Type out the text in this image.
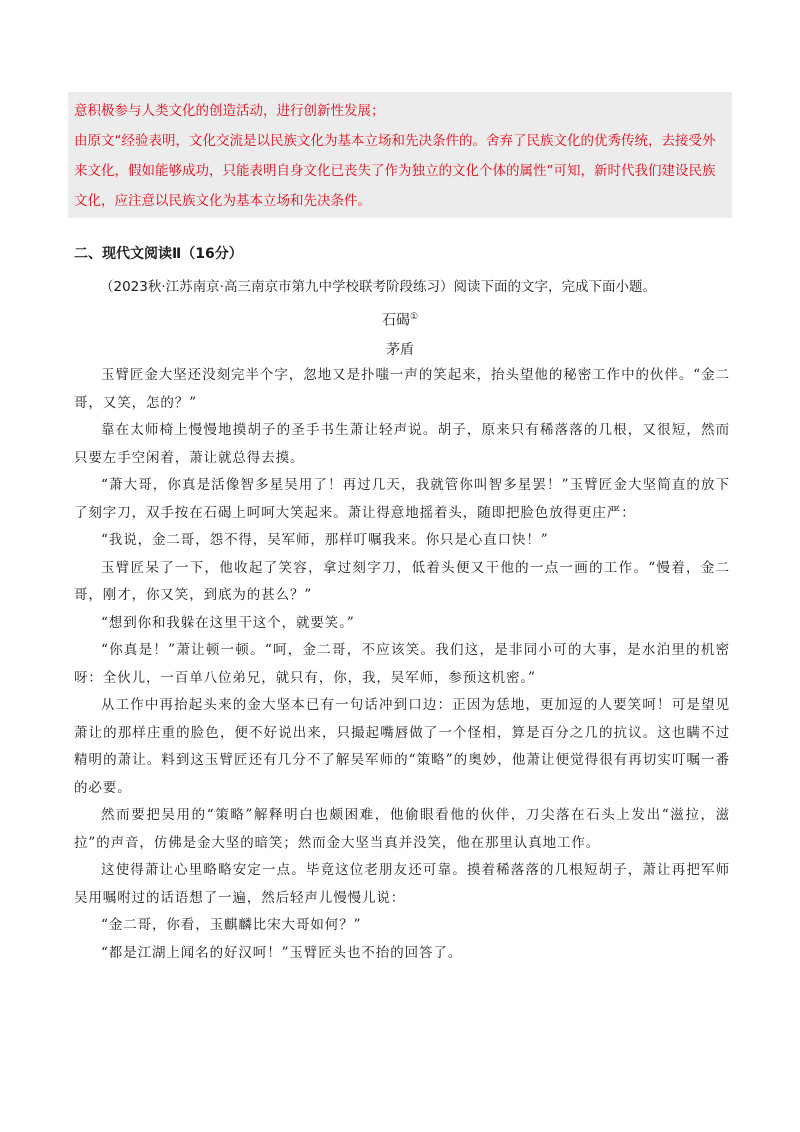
意积极参与人类文化的创造活动，进行创新性发展；

由原文“经验表明，文化交流是以民族文化为基本立场和先决条件的。舍弃了民族文化的优秀传统，去接受外来文化，假如能够成功，只能表明自身文化已丧失了作为独立的文化个体的属性”可知，新时代我们建设民族文化，应注意以民族文化为基本立场和先决条件。

二、现代文阅读Ⅱ（16分）
（2023秋·江苏南京·高三南京市第九中学校联考阶段练习）阅读下面的文字，完成下面小题。
石碣①
茅盾

玉臂匠金大坚还没刻完半个字，忽地又是扑嗤一声的笑起来，抬头望他的秘密工作中的伙伴。“金二哥，又笑，怎的？”

靠在太师椅上慢慢地摸胡子的圣手书生萧让轻声说。胡子，原来只有稀落落的几根，又很短，然而只要左手空闲着，萧让就总得去摸。

“萧大哥，你真是活像智多星吴用了！再过几天，我就管你叫智多星罢！”玉臂匠金大坚简直的放下了刻字刀，双手按在石碣上呵呵大笑起来。萧让得意地摇着头，随即把脸色放得更庄严：

“我说，金二哥，怨不得，吴军师，那样叮嘱我来。你只是心直口快！”

玉臂匠呆了一下，他收起了笑容，拿过刻字刀，低着头便又干他的一点一画的工作。“慢着，金二哥，刚才，你又笑，到底为的甚么？”

“想到你和我躲在这里干这个，就要笑。”

“你真是！”萧让顿一顿。“呵，金二哥，不应该笑。我们这，是非同小可的大事，是水泊里的机密呀：全伙儿，一百单八位弟兄，就只有，你，我，吴军师，参预这机密。”

从工作中再抬起头来的金大坚本已有一句话冲到口边：正因为恁地，更加逗的人要笑呵！可是望见萧让的那样庄重的脸色，便不好说出来，只撮起嘴唇做了一个怪相，算是百分之几的抗议。这也瞒不过精明的萧让。料到这玉臂匠还有几分不了解吴军师的“策略”的奥妙，他萧让便觉得很有再切实叮嘱一番的必要。

然而要把吴用的“策略”解释明白也颇困难，他偷眼看他的伙伴，刀尖落在石头上发出“滋拉，滋拉”的声音，仿佛是金大坚的暗笑；然而金大坚当真并没笑，他在那里认真地工作。

这使得萧让心里略略安定一点。毕竟这位老朋友还可靠。摸着稀落落的几根短胡子，萧让再把军师吴用嘱咐过的话语想了一遍，然后轻声儿慢慢儿说：

“金二哥，你看，玉麒麟比宋大哥如何？”

“都是江湖上闻名的好汉呵！”玉臂匠头也不抬的回答了。
